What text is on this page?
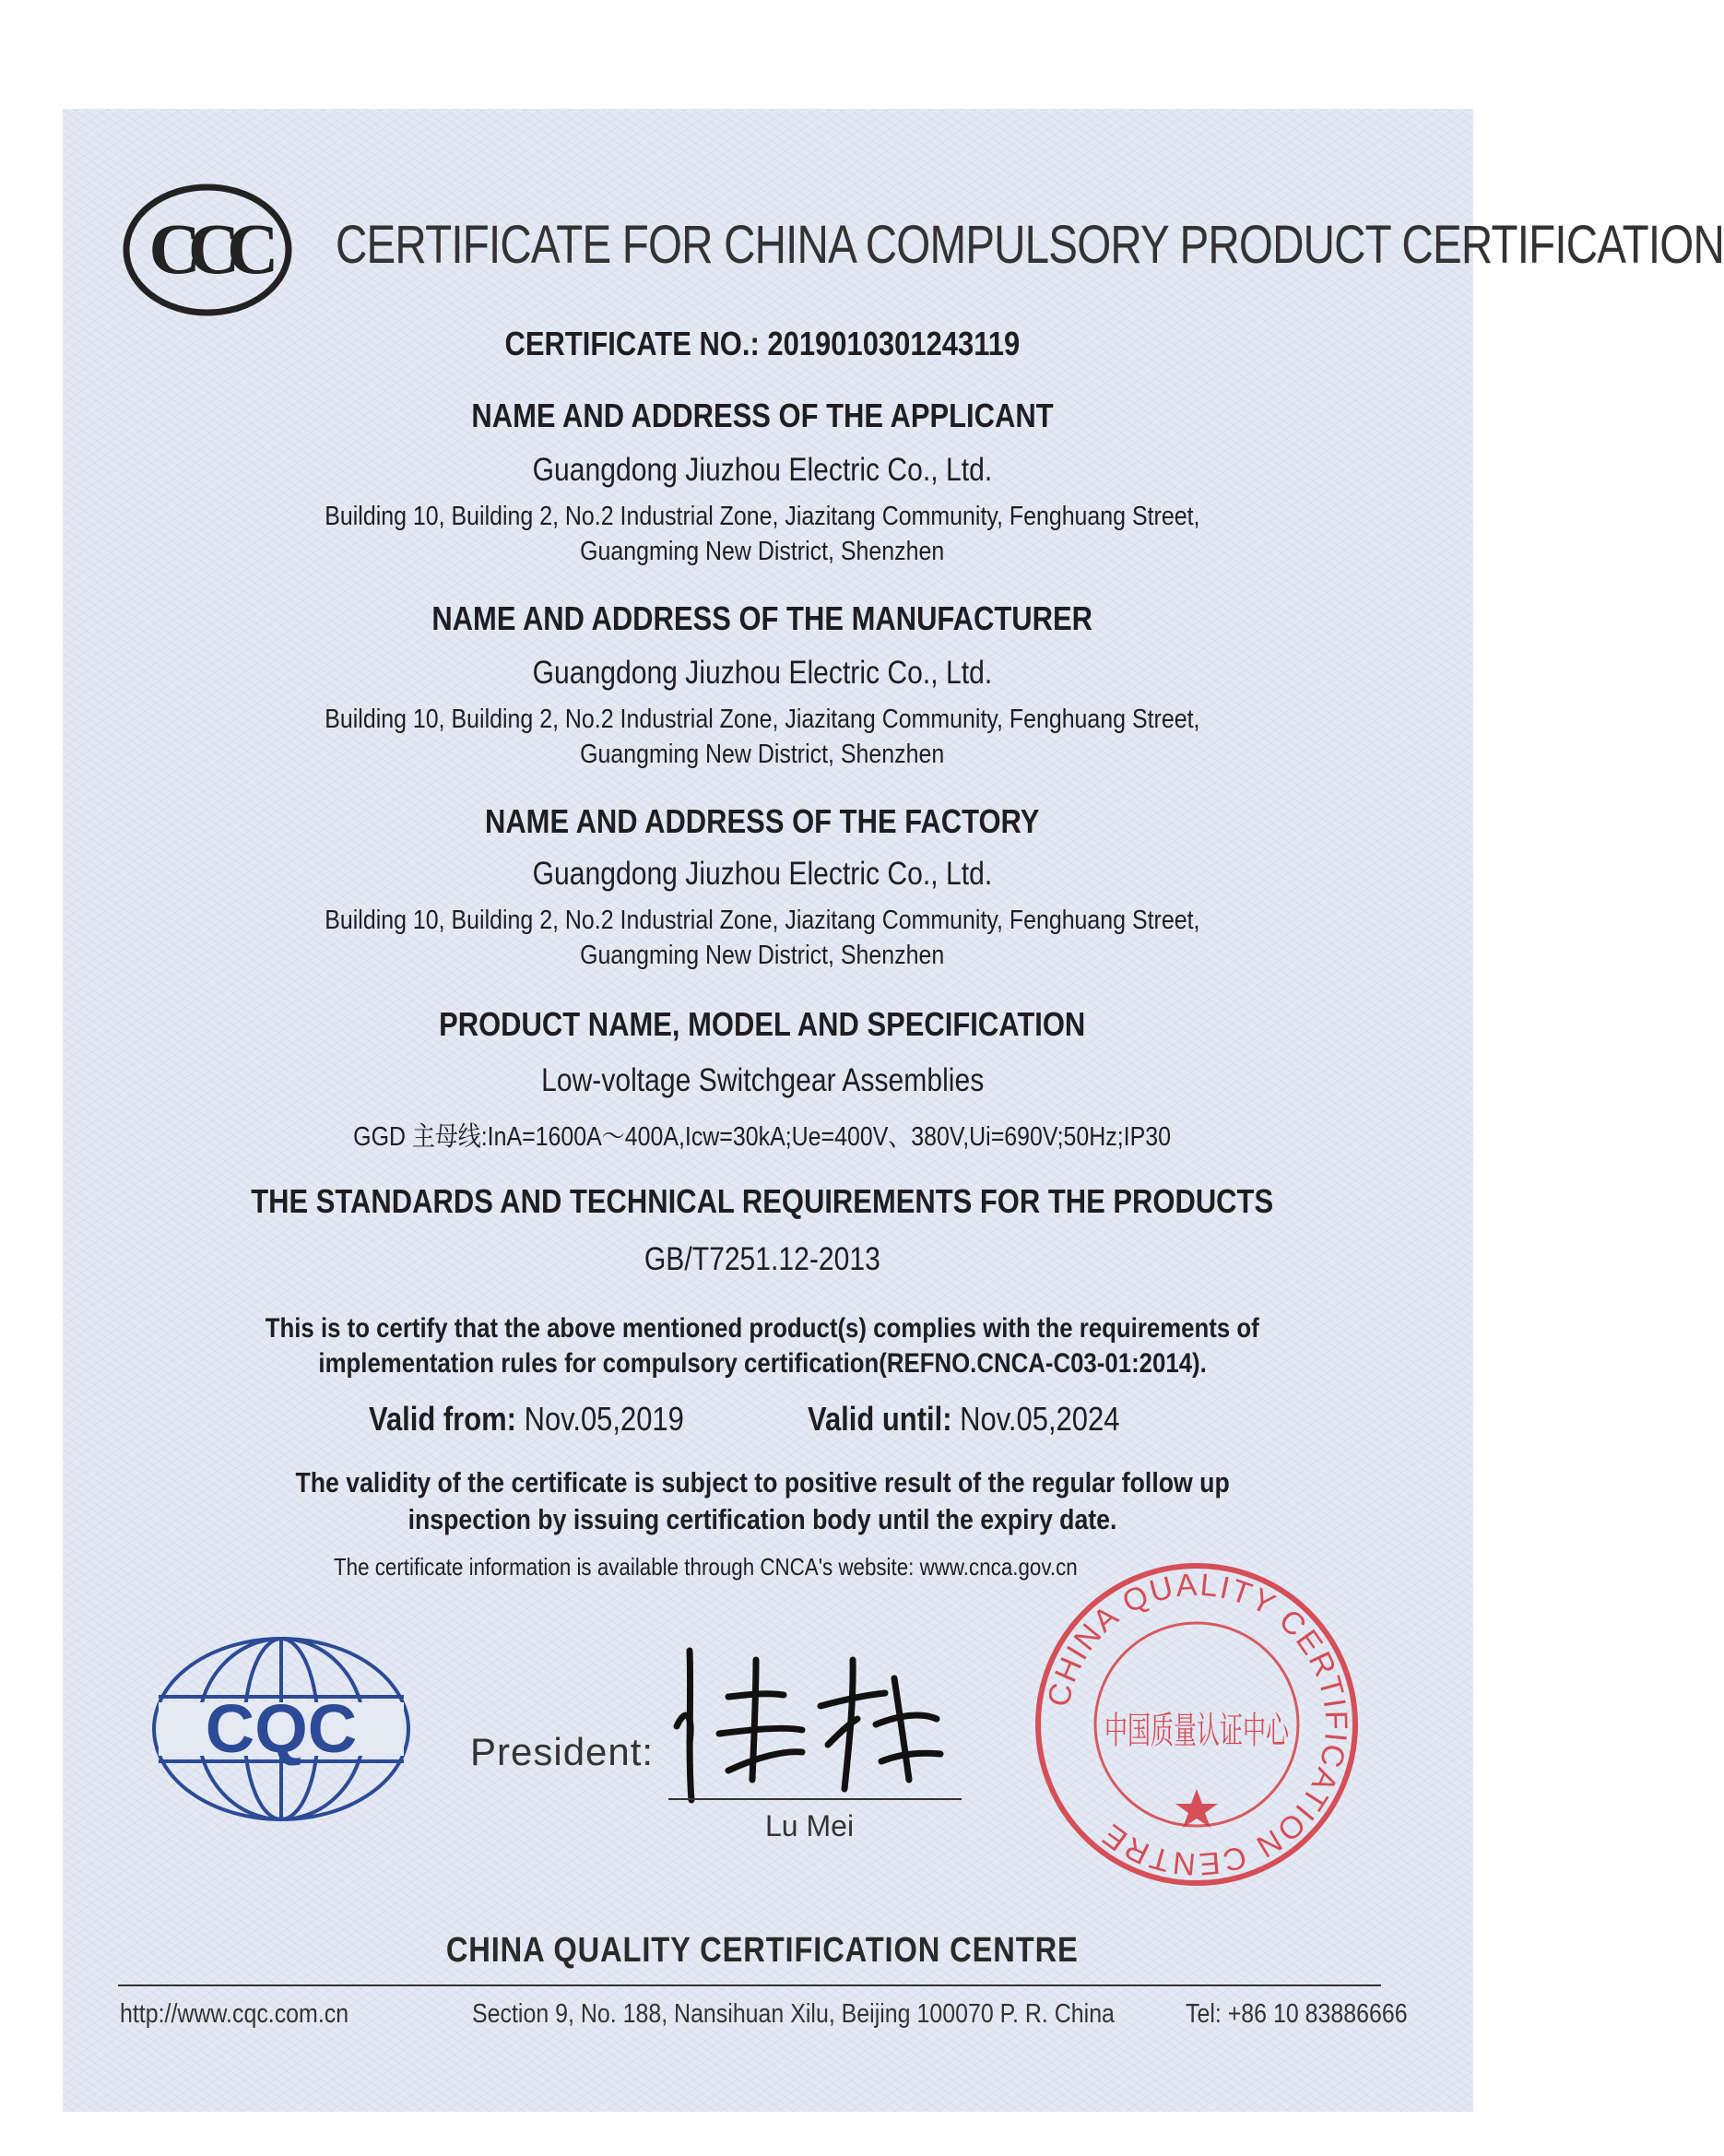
CCC CERTIFICATE FOR CHINA COMPULSORY PRODUCT CERTIFICATION
CERTIFICATE NO.: 2019010301243119
NAME AND ADDRESS OF THE APPLICANT
Guangdong Jiuzhou Electric Co., Ltd.
Building 10, Building 2, No.2 Industrial Zone, Jiazitang Community, Fenghuang Street,
Guangming New District, Shenzhen
NAME AND ADDRESS OF THE MANUFACTURER
Guangdong Jiuzhou Electric Co., Ltd.
Building 10, Building 2, No.2 Industrial Zone, Jiazitang Community, Fenghuang Street,
Guangming New District, Shenzhen
NAME AND ADDRESS OF THE FACTORY
Guangdong Jiuzhou Electric Co., Ltd.
Building 10, Building 2, No.2 Industrial Zone, Jiazitang Community, Fenghuang Street,
Guangming New District, Shenzhen
PRODUCT NAME, MODEL AND SPECIFICATION
Low-voltage Switchgear Assemblies
GGD 主母线:InA=1600A～400A,Icw=30kA;Ue=400V、380V,Ui=690V;50Hz;IP30
THE STANDARDS AND TECHNICAL REQUIREMENTS FOR THE PRODUCTS
GB/T7251.12-2013
This is to certify that the above mentioned product(s) complies with the requirements of
implementation rules for compulsory certification(REFNO.CNCA-C03-01:2014).
Valid from: Nov.05,2019	Valid until: Nov.05,2024
The validity of the certificate is subject to positive result of the regular follow up
inspection by issuing certification body until the expiry date.
The certificate information is available through CNCA's website: www.cnca.gov.cn
CQC	President:
Lu Mei
CHINA QUALITY CERTIFICATION CENTRE
中国质量认证中心
CHINA QUALITY CERTIFICATION CENTRE
http://www.cqc.com.cn	Section 9, No. 188, Nansihuan Xilu, Beijing 100070 P. R. China	Tel: +86 10 83886666
